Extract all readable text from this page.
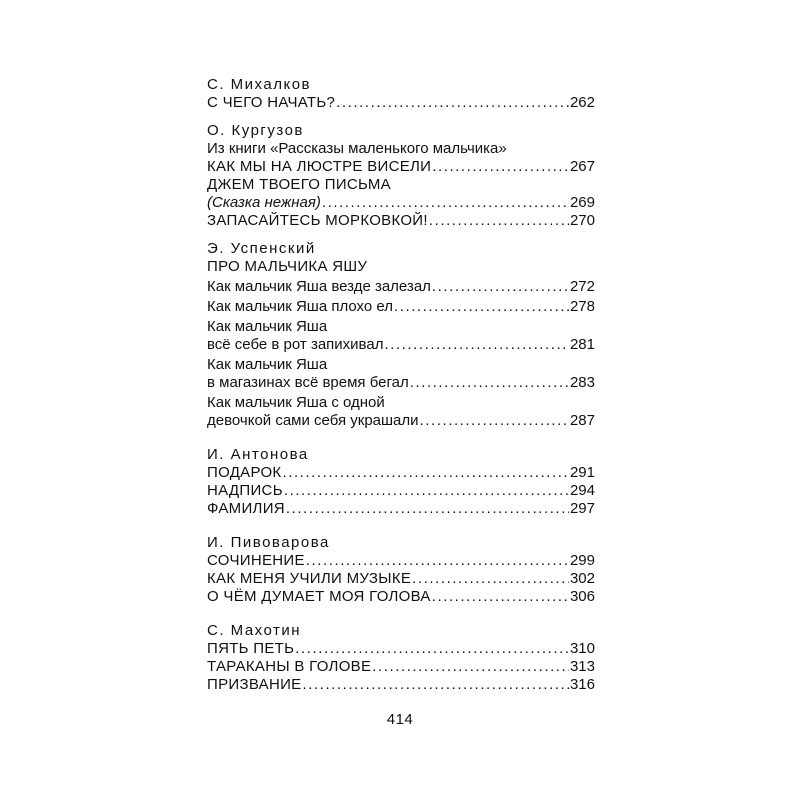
С. Михалков
С ЧЕГО НАЧАТЬ? . . .	262
О. Кургузов
Из книги «Рассказы маленького мальчика»
КАК МЫ НА ЛЮСТРЕ ВИСЕЛИ . . .	267
ДЖЕМ ТВОЕГО ПИСЬМА
(Сказка нежная) . . .	269
ЗАПАСАЙТЕСЬ МОРКОВКОЙ! . . .	270
Э. Успенский
ПРО МАЛЬЧИКА ЯШУ
Как мальчик Яша везде залезал . . .	272
Как мальчик Яша плохо ел . . .	278
Как мальчик Яша
всё себе в рот запихивал . . .	281
Как мальчик Яша
в магазинах всё время бегал . . .	283
Как мальчик Яша с одной
девочкой сами себя украшали . . .	287
И. Антонова
ПОДАРОК . . .	291
НАДПИСЬ . . .	294
ФАМИЛИЯ . . .	297
И. Пивоварова
СОЧИНЕНИЕ . . .	299
КАК МЕНЯ УЧИЛИ МУЗЫКЕ . . .	302
О ЧЁМ ДУМАЕТ МОЯ ГОЛОВА . . .	306
С. Махотин
ПЯТЬ ПЕТЬ . . .	310
ТАРАКАНЫ В ГОЛОВЕ . . .	313
ПРИЗВАНИЕ . . .	316
414
